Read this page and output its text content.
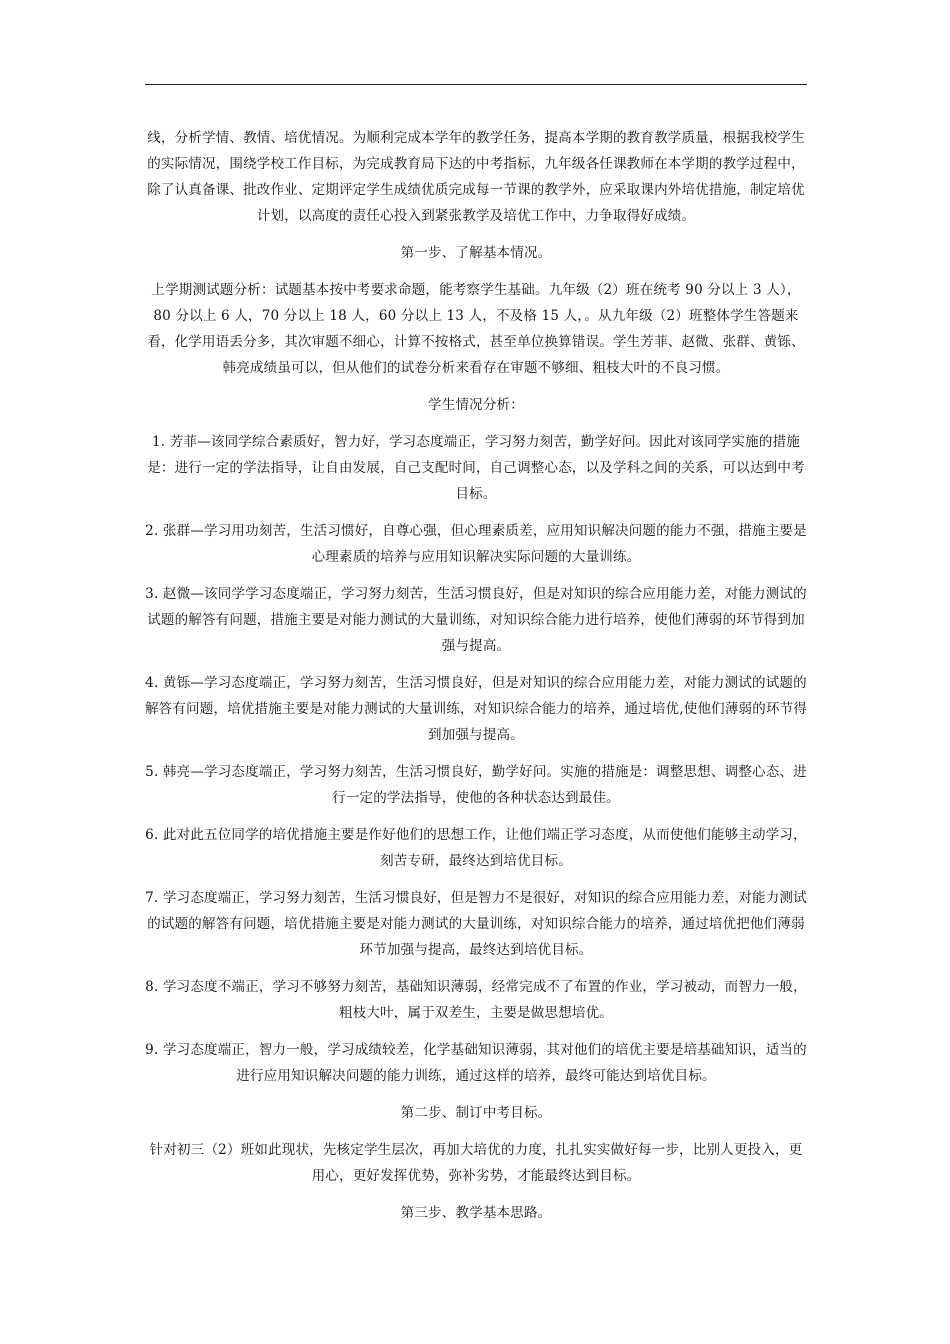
线，分析学情、教情、培优情况。为顺利完成本学年的教学任务，提高本学期的教育教学质量，根据我校学生的实际情况，围绕学校工作目标，为完成教育局下达的中考指标，九年级各任课教师在本学期的教学过程中，除了认真备课、批改作业、定期评定学生成绩优质完成每一节课的教学外，应采取课内外培优措施，制定培优计划，以高度的责任心投入到紧张教学及培优工作中，力争取得好成绩。

第一步、了解基本情况。

上学期测试题分析：试题基本按中考要求命题，能考察学生基础。九年级（2）班在统考 90 分以上 3 人），80 分以上 6 人，70 分以上 18 人，60 分以上 13 人，不及格 15 人，。从九年级（2）班整体学生答题来看，化学用语丢分多，其次审题不细心，计算不按格式，甚至单位换算错误。学生芳菲、赵微、张群、黄铄、韩亮成绩虽可以，但从他们的试卷分析来看存在审题不够细、粗枝大叶的不良习惯。

学生情况分析：

1. 芳菲—该同学综合素质好，智力好，学习态度端正，学习努力刻苦，勤学好问。因此对该同学实施的措施是：进行一定的学法指导，让自由发展，自己支配时间，自己调整心态，以及学科之间的关系，可以达到中考目标。

2. 张群—学习用功刻苦，生活习惯好，自尊心强，但心理素质差，应用知识解决问题的能力不强，措施主要是心理素质的培养与应用知识解决实际问题的大量训练。

3. 赵微—该同学学习态度端正，学习努力刻苦，生活习惯良好，但是对知识的综合应用能力差，对能力测试的试题的解答有问题，措施主要是对能力测试的大量训练，对知识综合能力进行培养，使他们薄弱的环节得到加强与提高。

4. 黄铄—学习态度端正，学习努力刻苦，生活习惯良好，但是对知识的综合应用能力差，对能力测试的试题的解答有问题，培优措施主要是对能力测试的大量训练，对知识综合能力的培养，通过培优,使他们薄弱的环节得到加强与提高。

5. 韩亮—学习态度端正，学习努力刻苦，生活习惯良好，勤学好问。实施的措施是：调整思想、调整心态、进行一定的学法指导，使他的各种状态达到最佳。

6. 此对此五位同学的培优措施主要是作好他们的思想工作，让他们端正学习态度，从而使他们能够主动学习，刻苦专研，最终达到培优目标。

7. 学习态度端正，学习努力刻苦，生活习惯良好，但是智力不是很好，对知识的综合应用能力差，对能力测试的试题的解答有问题，培优措施主要是对能力测试的大量训练，对知识综合能力的培养，通过培优把他们薄弱环节加强与提高，最终达到培优目标。

8. 学习态度不端正，学习不够努力刻苦，基础知识薄弱，经常完成不了布置的作业，学习被动，而智力一般，粗枝大叶，属于双差生，主要是做思想培优。

9. 学习态度端正，智力一般，学习成绩较差，化学基础知识薄弱，其对他们的培优主要是培基础知识，适当的进行应用知识解决问题的能力训练，通过这样的培养，最终可能达到培优目标。

第二步、制订中考目标。

针对初三（2）班如此现状，先核定学生层次，再加大培优的力度，扎扎实实做好每一步，比别人更投入，更用心，更好发挥优势，弥补劣势，才能最终达到目标。

第三步、教学基本思路。
